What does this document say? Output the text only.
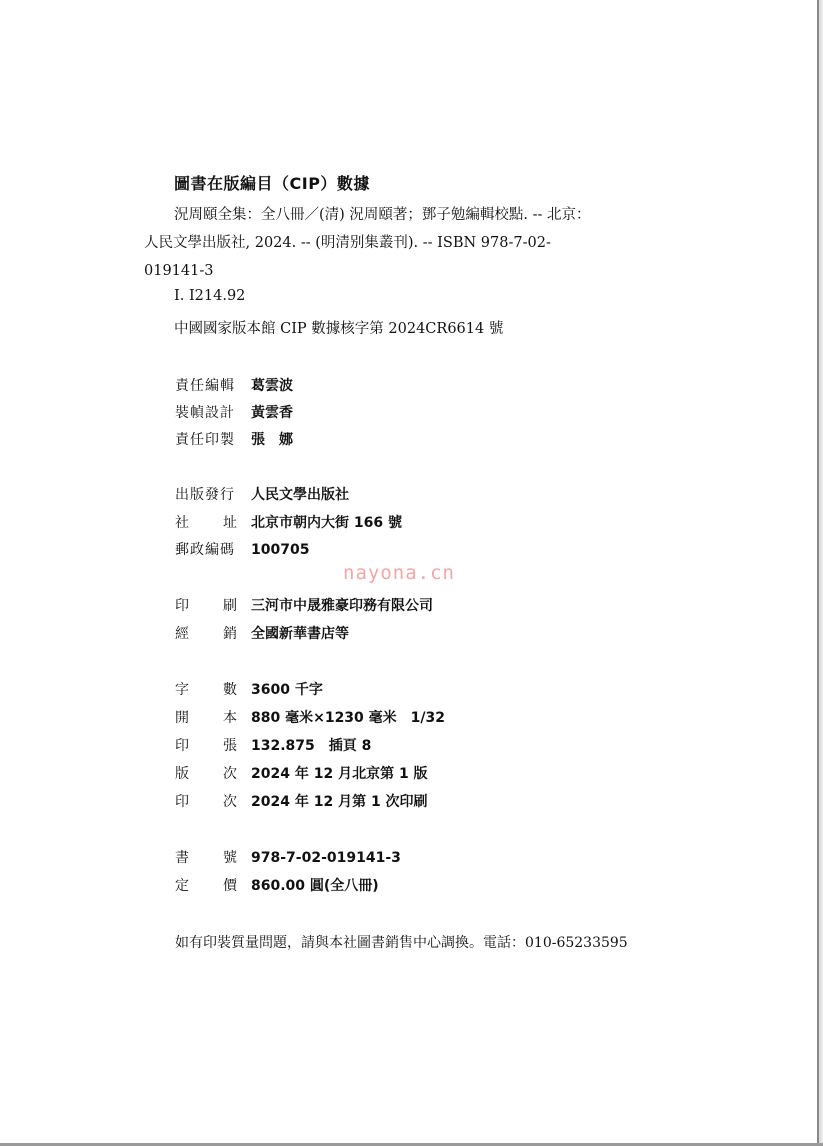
圖書在版編目（CIP）數據
況周頤全集：全八冊／(清) 況周頤著；鄧子勉編輯校點. -- 北京：
人民文學出版社, 2024. -- (明清别集叢刊). -- ISBN 978-7-02-
019141-3
Ⅰ. I214.92
中國國家版本館 CIP 數據核字第 2024CR6614 號
責任編輯 葛雲波
裝幀設計 黃雲香
責任印製 張　娜
出版發行 人民文學出版社
社 址 北京市朝内大街 166 號
郵政編碼 100705
nayona.cn
印 刷 三河市中晟雅豪印務有限公司
經 銷 全國新華書店等
字 數 3600 千字
開 本 880 毫米×1230 毫米　1/32
印 張 132.875　插頁 8
版 次 2024 年 12 月北京第 1 版
印 次 2024 年 12 月第 1 次印刷
書 號 978-7-02-019141-3
定 價 860.00 圓(全八冊)
如有印裝質量問題，請與本社圖書銷售中心調換。電話：010-65233595
